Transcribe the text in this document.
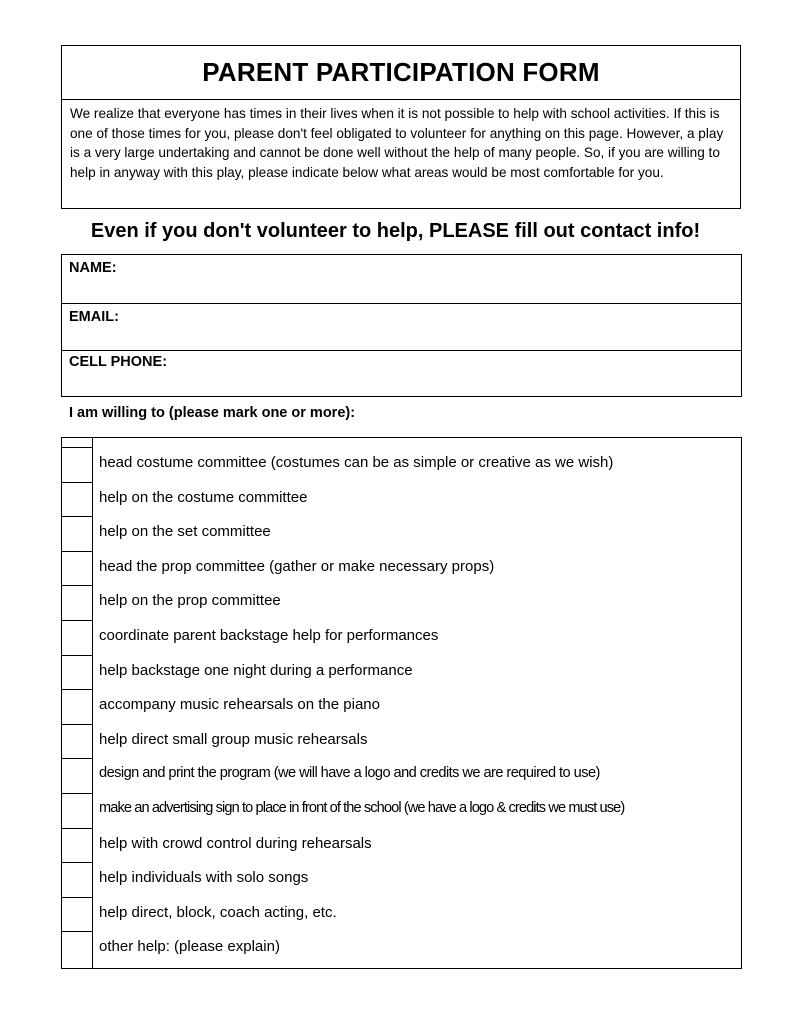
PARENT PARTICIPATION FORM
We realize that everyone has times in their lives when it is not possible to help with school activities. If this is one of those times for you, please don't feel obligated to volunteer for anything on this page. However, a play is a very large undertaking and cannot be done well without the help of many people. So, if you are willing to help in anyway with this play, please indicate below what areas would be most comfortable for you.
Even if you don't volunteer to help, PLEASE fill out contact info!
NAME:
EMAIL:
CELL PHONE:
I am willing to (please mark one or more):
head costume committee (costumes can be as simple or creative as we wish)
help on the costume committee
help on the set committee
head the prop committee (gather or make necessary props)
help on the prop committee
coordinate parent backstage help for performances
help backstage one night during a performance
accompany music rehearsals on the piano
help direct small group music rehearsals
design and print the program (we will have a logo and credits we are required to use)
make an advertising sign to place in front of the school (we have a logo & credits we must use)
help with crowd control during rehearsals
help individuals with solo songs
help direct, block, coach acting, etc.
other help: (please explain)
